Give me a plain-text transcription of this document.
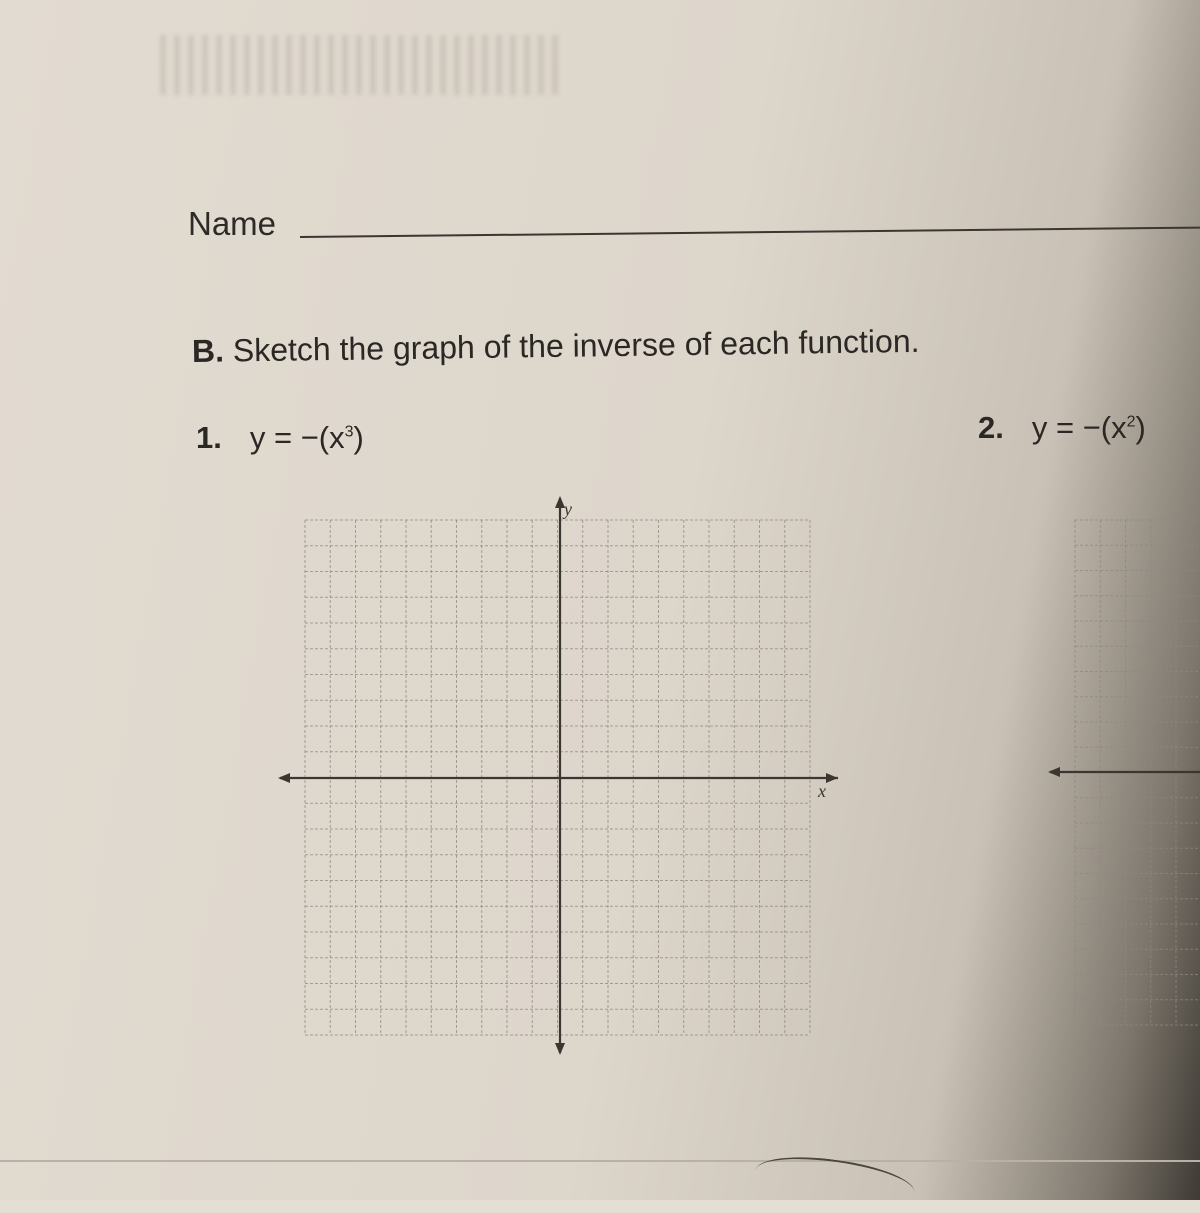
Name
B. Sketch the graph of the inverse of each function.
1. $y = -(x^3)$	2. $y = -(x^2)$
x
y
